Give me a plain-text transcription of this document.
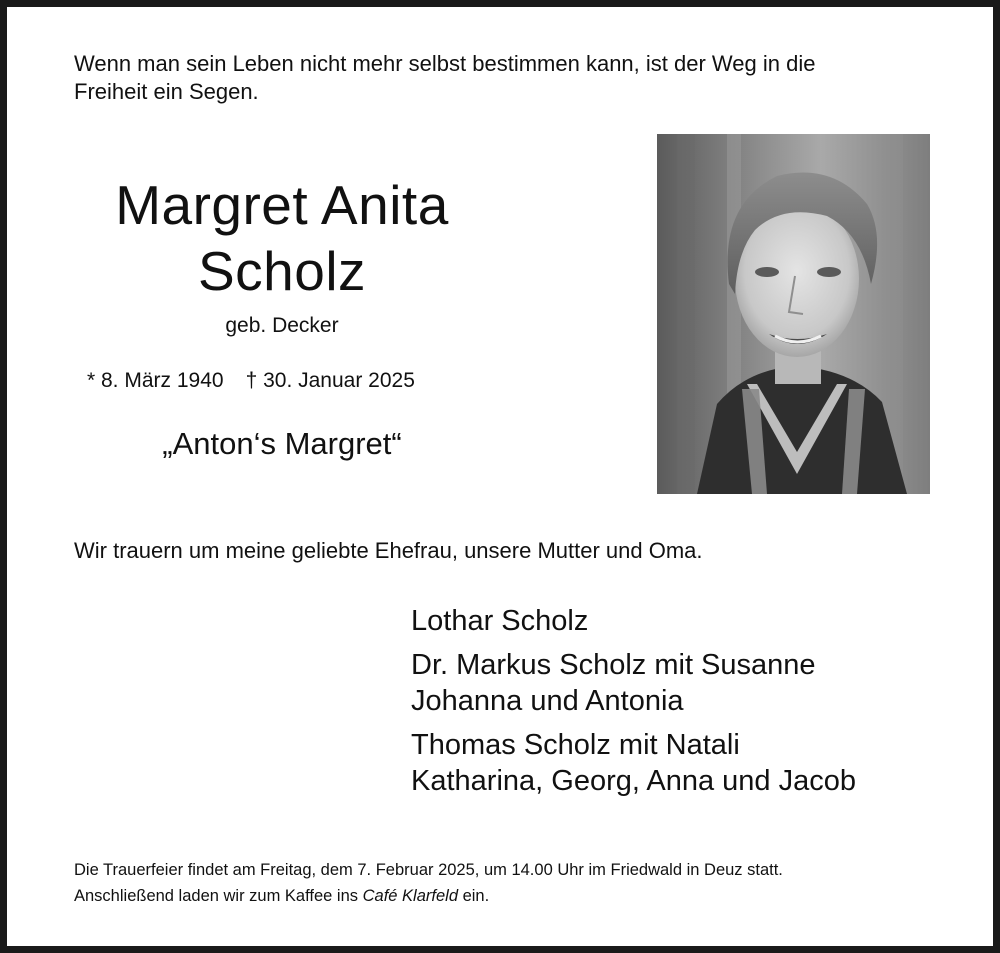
Wenn man sein Leben nicht mehr selbst bestimmen kann, ist der Weg in die
Freiheit ein Segen.

Margret Anita
Scholz
geb. Decker
* 8. März 1940 † 30. Januar 2025
„Anton‘s Margret“
Wir trauern um meine geliebte Ehefrau, unsere Mutter und Oma.

Lothar Scholz

Dr. Markus Scholz mit Susanne
Johanna und Antonia

Thomas Scholz mit Natali
Katharina, Georg, Anna und Jacob

Die Trauerfeier findet am Freitag, dem 7. Februar 2025, um 14.00 Uhr im Friedwald in Deuz statt.
Anschließend laden wir zum Kaffee ins Café Klarfeld ein.
